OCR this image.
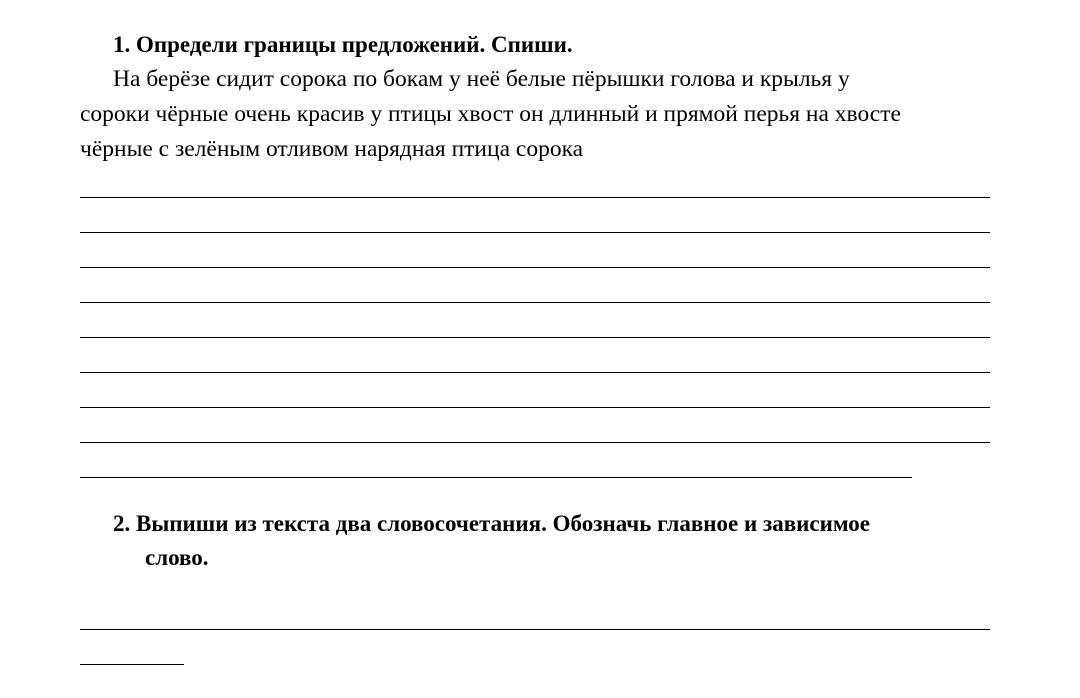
1. Определи границы предложений. Спиши.
На берёзе сидит сорока по бокам у неё белые пёрышки голова и крылья у
сороки чёрные очень красив у птицы хвост он длинный и прямой перья на хвосте
чёрные с зелёным отливом нарядная птица сорока
2. Выпиши из текста два словосочетания. Обозначь главное и зависимое
слово.
